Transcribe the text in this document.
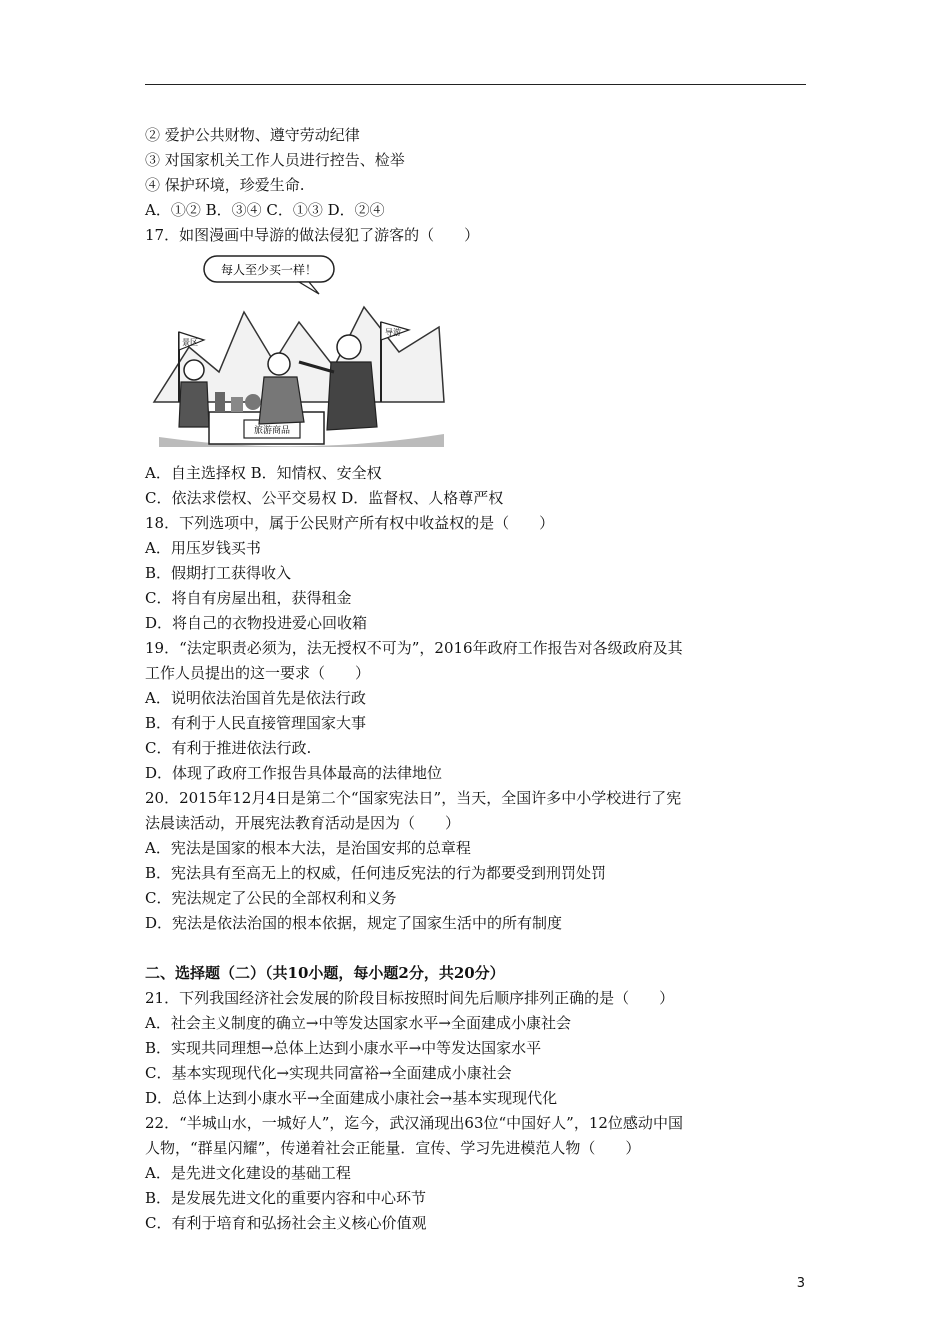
② 爱护公共财物、遵守劳动纪律
③ 对国家机关工作人员进行控告、检举
④ 保护环境，珍爱生命.
A．①② B．③④ C．①③ D．②④
17．如图漫画中导游的做法侵犯了游客的（　　）
每人至少买一样！
景区
旅游商品
导游
A．自主选择权 B．知情权、安全权
C．依法求偿权、公平交易权 D．监督权、人格尊严权
18．下列选项中，属于公民财产所有权中收益权的是（　　）
A．用压岁钱买书
B．假期打工获得收入
C．将自有房屋出租，获得租金
D．将自己的衣物投进爱心回收箱
19．“法定职责必须为，法无授权不可为”，2016年政府工作报告对各级政府及其
工作人员提出的这一要求（　　）
A．说明依法治国首先是依法行政
B．有利于人民直接管理国家大事
C．有利于推进依法行政.
D．体现了政府工作报告具体最高的法律地位
20．2015年12月4日是第二个“国家宪法日”，当天，全国许多中小学校进行了宪
法晨读活动，开展宪法教育活动是因为（　　）
A．宪法是国家的根本大法，是治国安邦的总章程
B．宪法具有至高无上的权威，任何违反宪法的行为都要受到刑罚处罚
C．宪法规定了公民的全部权利和义务
D．宪法是依法治国的根本依据，规定了国家生活中的所有制度
二、选择题（二）（共10小题，每小题2分，共20分）
21．下列我国经济社会发展的阶段目标按照时间先后顺序排列正确的是（　　）
A．社会主义制度的确立→中等发达国家水平→全面建成小康社会
B．实现共同理想→总体上达到小康水平→中等发达国家水平
C．基本实现现代化→实现共同富裕→全面建成小康社会
D．总体上达到小康水平→全面建成小康社会→基本实现现代化
22．“半城山水，一城好人”，迄今，武汉涌现出63位“中国好人”，12位感动中国
人物，“群星闪耀”，传递着社会正能量．宣传、学习先进模范人物（　　）
A．是先进文化建设的基础工程
B．是发展先进文化的重要内容和中心环节
C．有利于培育和弘扬社会主义核心价值观
3
